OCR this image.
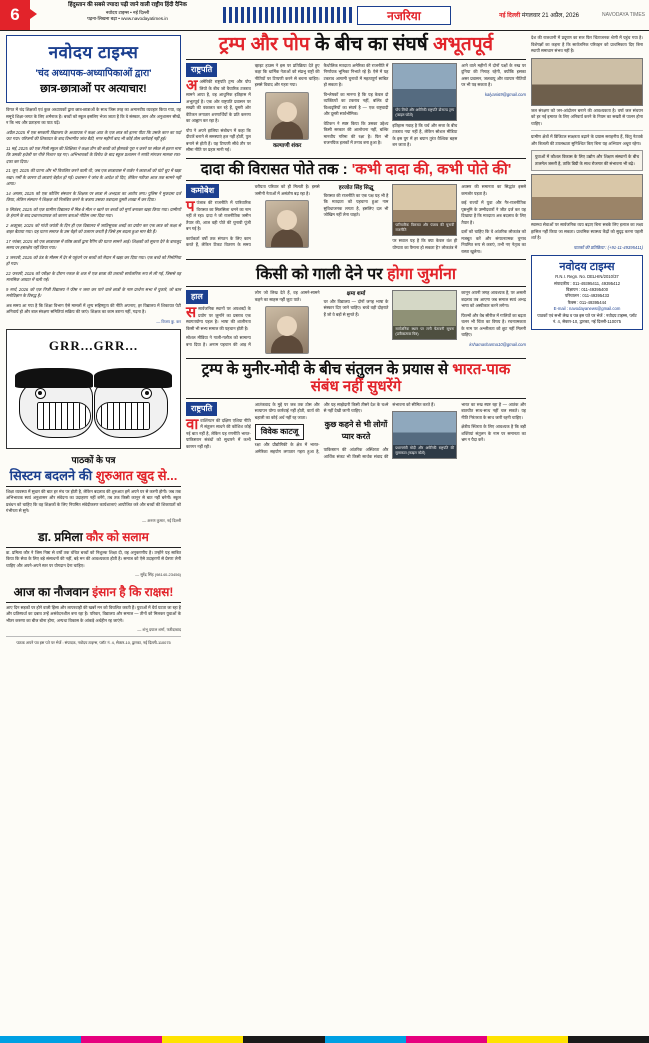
6	हिंदुस्तान की सबसे ज्यादा पढ़ी जाने वाली राष्ट्रीय हिंदी दैनिक
नवोदय टाइम्स • नई दिल्ली
पढ़ना-लिखना बढ़ा • www.navodayatimes.in	नजरिया	नई दिल्ली मंगलवार 21 अप्रैल, 2026	NAVODAYA TIMES
नवोदय टाइम्स
'चंद अध्यापक-अध्यापिकाओं द्वारा'
छात्र-छात्राओं पर अत्याचार!

विगत में चंद शिक्षकों एवं कुछ अध्यापकों द्वारा छात्र-छात्राओं के साथ जिस तरह का अमानवीय व्यवहार किया गया, वह समूचे शिक्षा-जगत के लिए शर्मनाक है। बच्चों को स्कूल इसलिए भेजा जाता है कि वे संस्कार, ज्ञान और अनुशासन सीखें, न कि भय और प्रताड़ना का पाठ पढ़ें।

अप्रैल 2025 में एक सरकारी विद्यालय के अध्यापक ने कक्षा आठ के एक छात्र को इतना पीटा कि उसके कान का पर्दा फट गया। परिजनों की शिकायत के बाद विभागीय जांच बैठी, मगर महीनों बाद भी कोई ठोस कार्रवाई नहीं हुई।

11 मई, 2025 को एक निजी स्कूल की शिक्षिका ने कक्षा तीन की बच्ची को होमवर्क पूरा न करने पर स्केल से इतना मारा कि उसकी हथेली पर नीले निशान पड़ गए। अभिभावकों के विरोध के बाद स्कूल प्रशासन ने माफी मांगकर मामला रफा-दफा कर दिया।

21 जून, 2025 की घटना और भी विचलित करने वाली थी, जब एक छात्रावास में वार्डन ने छात्राओं को घंटों धूप में खड़ा रखा। गर्मी के कारण दो छात्राएं बेहोश हो गईं। प्रशासन ने जांच के आदेश तो दिए, लेकिन नतीजा आज तक सामने नहीं आया।

14 अगस्त, 2025 को एक कोचिंग संस्थान के शिक्षक पर छात्रा से अभद्रता का आरोप लगा। पुलिस ने मुकदमा दर्ज किया, लेकिन संस्थान ने शिक्षक को निलंबित करने के बजाय उसका तबादला दूसरी शाखा में कर दिया।

9 सितंबर, 2025 को एक ग्रामीण विद्यालय में मिड-डे मील न खाने पर बच्चों को मुर्गा बनाकर खड़ा किया गया। ग्रामीणों के हंगामे के बाद प्रधानाध्यापक को कारण बताओ नोटिस थमा दिया गया।

2 अक्टूबर, 2025 को गांधी जयंती के दिन ही एक विद्यालय में जातिसूचक शब्दों का प्रयोग कर एक छात्र को कक्षा से बाहर बैठाया गया। यह घटना समाज के उस चेहरे को उजागर करती है जिसे हम बदला हुआ मान बैठे हैं।

17 नवंबर, 2025 को एक छात्रावास में वरिष्ठ छात्रों द्वारा रैगिंग की घटना सामने आई। शिक्षकों को सूचना देने के बावजूद समय पर हस्तक्षेप नहीं किया गया।

3 जनवरी, 2026 को ठंड के मौसम में देर से पहुंचने पर बच्चों को मैदान में खड़ा कर दिया गया। एक बच्चे को निमोनिया हो गया।

22 फरवरी, 2026 को परीक्षा के दौरान नकल के शक में एक छात्रा की तलाशी सार्वजनिक रूप से ली गई, जिससे वह मानसिक आघात में चली गई।

9 मार्च, 2026 को एक निजी विद्यालय ने फीस न जमा कर पाने वाले छात्रों के नाम प्रार्थना सभा में पुकारे, जो बाल मनोविज्ञान के विरुद्ध है।

अब समय आ गया है कि शिक्षा विभाग ऐसे मामलों में शून्य सहिष्णुता की नीति अपनाए, हर विद्यालय में शिकायत पेटी अनिवार्य हो और बाल संरक्षण समितियां सक्रिय की जाएं। शिक्षक का काम डराना नहीं, गढ़ना है।

— विजय कु. कर
GRR...GRR...
पाठकों के पत्र
सिस्टम बदलने की शुरुआत खुद से...

शिक्षा व्यवस्था में सुधार की बात हर मंच पर होती है, लेकिन बदलाव की शुरुआत हमें अपने घर से करनी होगी। जब तक अभिभावक स्वयं अनुशासन और संवेदना का उदाहरण नहीं बनेंगे, तब तक किसी कानून से बात नहीं बनेगी। स्कूल प्रबंधन को चाहिए कि वह शिक्षकों के लिए नियमित संवेदीकरण कार्यशालाएं आयोजित करे और बच्चों की शिकायतों को गंभीरता से सुने।

— अरुण कुमार, नई दिल्ली
डा. प्रमिला कौर को सलाम

डा. प्रमिला कौर ने जिस निष्ठा से वर्षों तक वंचित बच्चों को निशुल्क शिक्षा दी, वह अनुकरणीय है। उन्होंने यह साबित किया कि सेवा के लिए बड़े संसाधनों की नहीं, बड़े मन की आवश्यकता होती है। समाज को ऐसे उदाहरणों से प्रेरणा लेनी चाहिए और अपने-अपने स्तर पर योगदान देना चाहिए।

— सुरेंद्र सिंह (98140-23456)
आज का नौजवान इंसान है कि राक्षस!

आए दिन सड़कों पर होने वाली हिंसा और लापरवाही की खबरें मन को विचलित करती हैं। युवाओं में धैर्य घटता जा रहा है और प्रतिस्पर्धा का दबाव उन्हें असंवेदनशील बना रहा है। परिवार, विद्यालय और समाज — तीनों को मिलकर युवाओं के भीतर करुणा का बीज बोना होगा, अन्यथा विकास के आंकड़े अर्थहीन रह जाएंगे।

— शंभू दयाल शर्मा, फरीदाबाद

पाठक अपने पत्र इस पते पर भेजें : संपादक, नवोदय टाइम्स, प्लॉट नं. 4, सेक्टर-10, द्वारका, नई दिल्ली-110075

ट्रम्प और पोप के बीच का संघर्ष अभूतपूर्व
राष्ट्रपति

अअमेरिकी राष्ट्रपति ट्रम्प और पोप लियो के बीच जो वैचारिक टकराव सामने आया है, वह आधुनिक इतिहास में अभूतपूर्व है। एक ओर राष्ट्रपति प्रवासन पर सख्ती की वकालत कर रहे हैं, दूसरी ओर वेटिकन लगातार शरणार्थियों के प्रति करुणा का आह्वान कर रहा है।

पोप ने अपने हालिया संबोधन में कहा कि दीवारें बनाने से समस्याएं हल नहीं होतीं, पुल बनाने से होती हैं। यह टिप्पणी सीधे तौर पर सीमा नीति पर प्रहार मानी गई।

व्हाइट हाउस ने इस पर प्रतिक्रिया देते हुए कहा कि धार्मिक नेताओं को संप्रभु राष्ट्रों की नीतियों पर टिप्पणी करने से बचना चाहिए। इससे विवाद और गहरा गया।

कल्याणी शंकर

कैथोलिक मतदाता अमेरिका की राजनीति में निर्णायक भूमिका निभाते रहे हैं। ऐसे में यह टकराव आगामी चुनावों में महत्वपूर्ण साबित हो सकता है।

विश्लेषकों का मानना है कि यह केवल दो व्यक्तित्वों का टकराव नहीं, बल्कि दो विश्वदृष्टियों का संघर्ष है — एक राष्ट्रवादी और दूसरी सार्वभौमिक।

वेटिकन ने स्पष्ट किया कि उसका उद्देश्य किसी सरकार की आलोचना नहीं, बल्कि मानवीय गरिमा की रक्षा है। फिर भी राजनयिक हलकों में तनाव बना हुआ है।

पोप लियो और अमेरिकी राष्ट्रपति डोनाल्ड ट्रम्प (फाइल फोटो)

इतिहास गवाह है कि चर्च और सत्ता के बीच टकराव नया नहीं है, लेकिन सोशल मीडिया के इस युग में हर बयान तुरंत वैश्विक बहस बन जाता है।

आने वाले महीनों में दोनों पक्षों के रुख पर दुनिया की निगाह रहेगी, क्योंकि इसका असर प्रवासन, जलवायु और व्यापार नीतियों पर भी पड़ सकता है।

kalyani69@gmail.com
दादा की विरासत पोते तक : 'कभी दादा की, कभी पोते की'
कमोबेश

पपंजाब की राजनीति में पारिवारिक विरासत का सिलसिला थमने का नाम नहीं ले रहा। दादा ने जो राजनीतिक जमीन तैयार की, आज वही पोते की चुनावी पूंजी बन गई है।

कार्यकर्ता वर्षों तक संगठन के लिए काम करते हैं, लेकिन टिकट वितरण के समय वरीयता परिवार को ही मिलती है। इससे जमीनी नेताओं में असंतोष बढ़ रहा है।

हरजोत सिंह सिद्धू

विरासत की राजनीति का एक पक्ष यह भी है कि मतदाता को पहचाना हुआ नाम सुविधाजनक लगता है, इसलिए दल भी जोखिम नहीं लेना चाहते।

पारिवारिक विरासत और पंजाब की चुनावी राजनीति

पर सवाल यह है कि क्या केवल वंश ही योग्यता का पैमाना हो सकता है? लोकतंत्र में अवसर की समानता का सिद्धांत इससे कमजोर पड़ता है।

कई राज्यों में युवा और गैर-राजनीतिक पृष्ठभूमि के उम्मीदवारों ने जीत दर्ज कर यह दिखाया है कि मतदाता अब बदलाव के लिए तैयार है।

दलों को चाहिए कि वे आंतरिक लोकतंत्र को मजबूत करें और संगठनात्मक चुनाव नियमित रूप से कराएं, तभी नए नेतृत्व का रास्ता खुलेगा।

किसी को गाली देने पर होगा जुर्माना
हाल

ससार्वजनिक स्थानों पर अपशब्दों के प्रयोग पर जुर्माने का प्रस्ताव एक स्वागतयोग्य पहल है। भाषा की शालीनता किसी भी सभ्य समाज की पहचान होती है।

सोशल मीडिया ने गाली-गलौज को सामान्य बना दिया है। अनाम पहचान की आड़ में लोग जो लिख देते हैं, वह आमने-सामने कहने का साहस नहीं जुटा पाते।

क्षमा शर्मा

घर और विद्यालय — दोनों जगह भाषा के संस्कार दिए जाने चाहिए। बच्चे वही दोहराते हैं जो वे बड़ों से सुनते हैं।

सार्वजनिक स्थान पर लगी चेतावनी सूचना (प्रतीकात्मक चित्र)

कानून अपनी जगह आवश्यक है, पर असली बदलाव तब आएगा जब समाज स्वयं अभद्र भाषा को अस्वीकार करने लगेगा।

फिल्मों और वेब सीरीज में गालियों का बढ़ता चलन भी चिंता का विषय है। रचनात्मकता के नाम पर अश्लीलता को छूट नहीं मिलनी चाहिए।

kshamasharma10@gmail.com
ट्रम्प के मुनीर-मोदी के बीच संतुलन के प्रयास से भारत-पाक संबंध नहीं सुधरेंगे
राष्ट्रपति

वावाशिंगटन की दक्षिण एशिया नीति में संतुलन साधने की कोशिश कोई नई बात नहीं है, लेकिन यह रणनीति भारत-पाकिस्तान संबंधों को सुधारने में कभी कारगर नहीं रही।

आतंकवाद के मुद्दे पर जब तक ठोस और सत्यापन योग्य कार्रवाई नहीं होती, वार्ता की बहाली का कोई अर्थ नहीं रह जाता।

विवेक काटजू

रक्षा और प्रौद्योगिकी के क्षेत्र में भारत-अमेरिका सहयोग लगातार गहरा हुआ है, और यह साझेदारी किसी तीसरे देश के चश्मे से नहीं देखी जानी चाहिए।

कुछ कहने से भी लोगों प्यार करते

पाकिस्तान की आंतरिक अस्थिरता और आर्थिक संकट भी किसी सार्थक संवाद की संभावना को सीमित करते हैं।

प्रधानमंत्री मोदी और अमेरिकी राष्ट्रपति की मुलाकात (फाइल फोटो)

भारत का रुख स्पष्ट रहा है — आतंक और बातचीत साथ-साथ नहीं चल सकते। यह नीति निरंतरता के साथ जारी रहनी चाहिए।

क्षेत्रीय स्थिरता के लिए आवश्यक है कि बड़ी शक्तियां संतुलन के नाम पर समानता का भ्रम न पैदा करें।

देश की राजधानी में प्रदूषण का स्तर फिर चिंताजनक श्रेणी में पहुंच गया है। विशेषज्ञों का कहना है कि सार्वजनिक परिवहन को प्राथमिकता दिए बिना स्थायी समाधान संभव नहीं है।

जल संरक्षण को जन-आंदोलन बनाने की आवश्यकता है। वर्षा जल संचयन को हर नई इमारत के लिए अनिवार्य करने के नियम का सख्ती से पालन होना चाहिए।

ग्रामीण क्षेत्रों में डिजिटल साक्षरता बढ़ाने के प्रयास सराहनीय हैं, किंतु नेटवर्क और बिजली की उपलब्धता सुनिश्चित किए बिना यह अभियान अधूरा रहेगा।

युवाओं में कौशल विकास के लिए उद्योग और शिक्षण संस्थानों के बीच तालमेल जरूरी है, ताकि डिग्री के साथ रोजगार की संभावना भी बढ़े।

स्वास्थ्य सेवाओं पर सार्वजनिक व्यय बढ़ाए बिना सबके लिए इलाज का लक्ष्य हासिल नहीं किया जा सकता। प्राथमिक स्वास्थ्य केंद्रों को सुदृढ़ करना पहली शर्त है।

पाठकों की प्रतिक्रिया : (+91-11-49395411)
नवोदय टाइम्स
R.N.I. Regn. No. DELHIN/2010/37
संपादकीय : 011-49395411, 49395412
विज्ञापन : 011-49395400
परिचालन : 011-49395433
फैक्स : 011-49395444
E-mail : navodayanews@gmail.com
पाठकों एवं सभी लेख व पत्र इस पते पर भेजें : नवोदय टाइम्स, प्लॉट नं. 4, सेक्टर-10, द्वारका, नई दिल्ली-110075
